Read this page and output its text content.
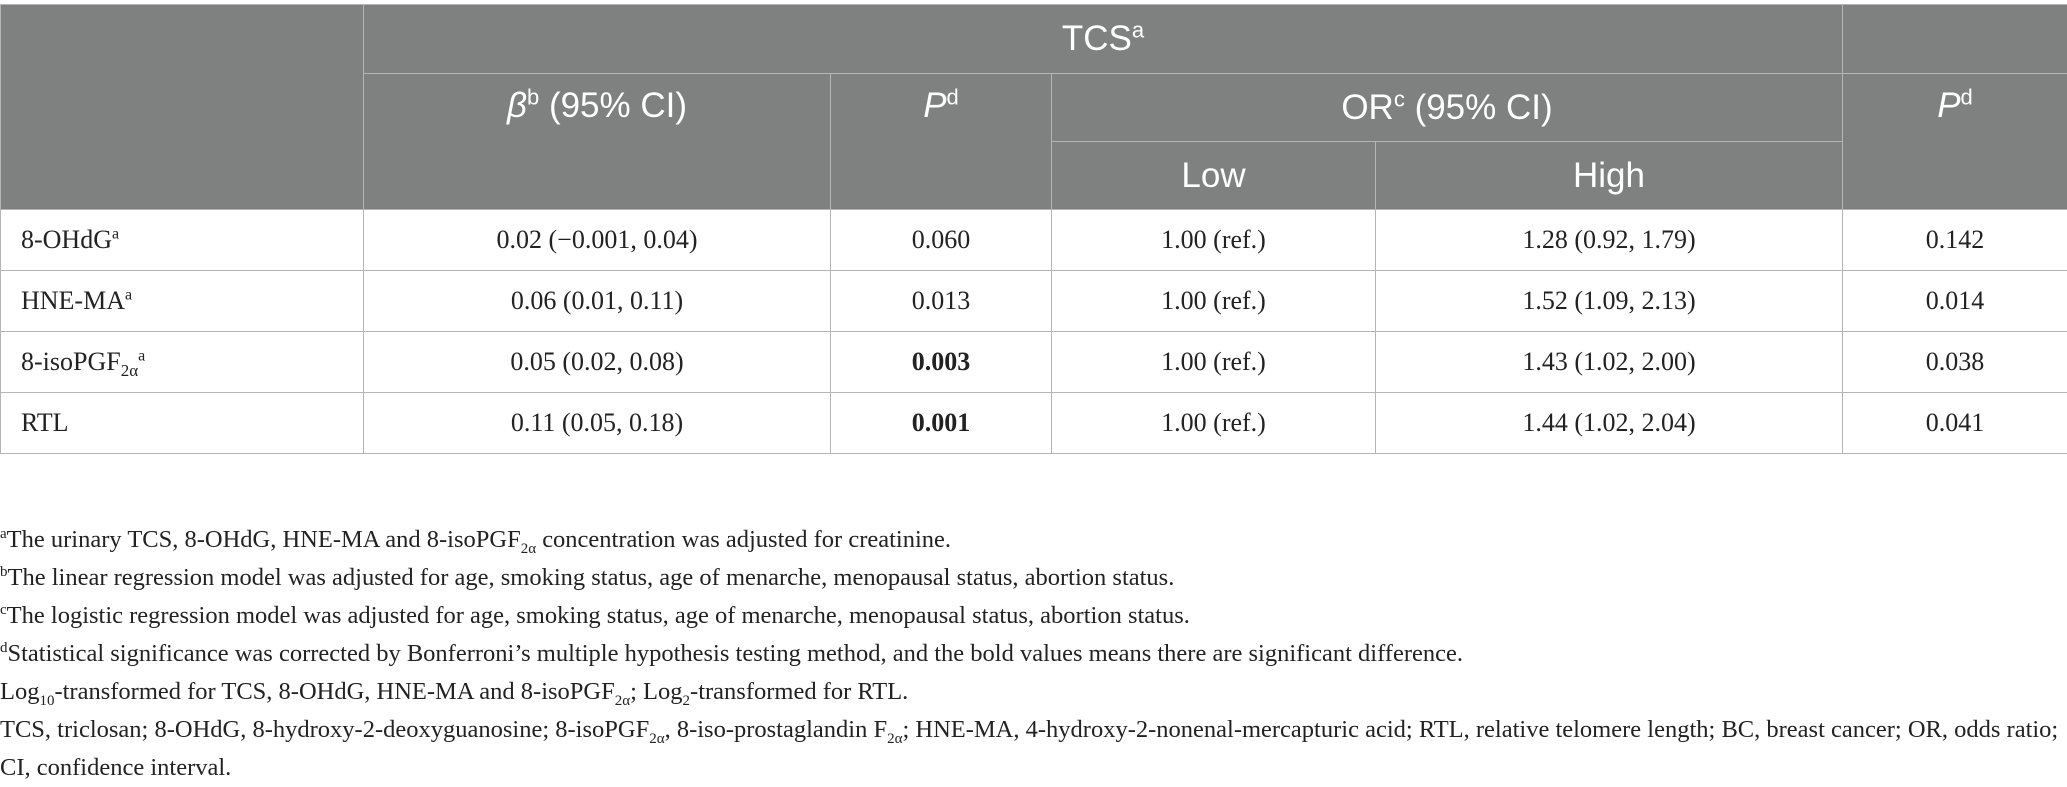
	TCS$^a$	
	$\beta^b$ (95% CI)	$P^d$	$OR^c$ (95% CI)		$P^d$
			Low	High	
8-OHdG$^a$	0.02 (−0.001, 0.04)	0.060	1.00 (ref.)	1.28 (0.92, 1.79)	0.142
HNE-$MA^a$	0.06 (0.01, 0.11)	0.013	1.00 (ref.)	1.52 (1.09, 2.13)	0.014
8-isoPGF$_{2\alpha}^a$	0.05 (0.02, 0.08)	0.003	1.00 (ref.)	1.43 (1.02, 2.00)	0.038
RTL	0.11 (0.05, 0.18)	0.001	1.00 (ref.)	1.44 (1.02, 2.04)	0.041

$^a$The urinary TCS, 8-OHdG, HNE-MA and 8-isoPGF$_{2\alpha}$ concentration was adjusted for creatinine.

$^b$The linear regression model was adjusted for age, smoking status, age of menarche, menopausal status, abortion status.

$^c$The logistic regression model was adjusted for age, smoking status, age of menarche, menopausal status, abortion status.

$^d$Statistical significance was corrected by Bonferroni’s multiple hypothesis testing method, and the bold values means there are significant difference.

Log$_{10}$-transformed for TCS, 8-OHdG, HNE-MA and 8-isoPGF$_{2\alpha}$; Log$_2$-transformed for RTL.

TCS, triclosan; 8-OHdG, 8-hydroxy-2-deoxyguanosine; 8-isoPGF$_{2\alpha}$, 8-iso-prostaglandin $F_{2\alpha}$; HNE-MA, 4-hydroxy-2-nonenal-mercapturic acid; RTL, relative telomere length; BC, breast cancer; OR, odds ratio; CI, confidence interval.
